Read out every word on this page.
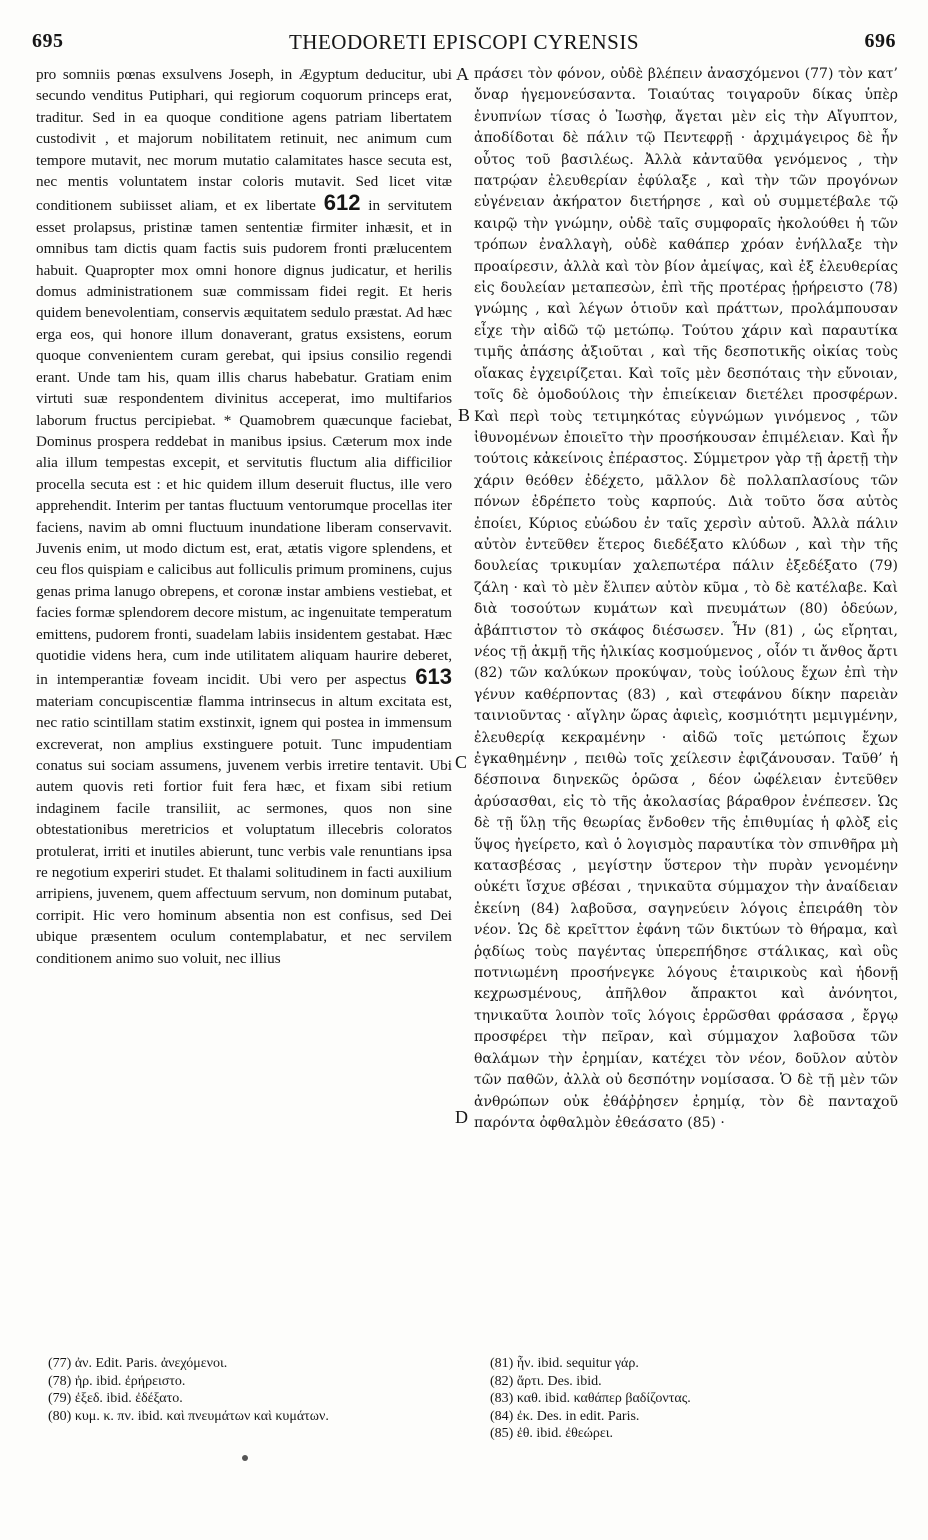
695	THEODORETI EPISCOPI CYRENSIS	696

pro somniis pœnas exsulvens Joseph, in Ægyptum deducitur, ubi secundo venditus Putiphari, qui regiorum coquorum princeps erat, traditur. Sed in ea quoque conditione agens patriam libertatem custodivit , et majorum nobilitatem retinuit, nec animum cum tempore mutavit, nec morum mutatio calamitates hasce secuta est, nec mentis voluntatem instar coloris mutavit. Sed licet vitæ conditionem subiisset aliam, et ex libertate 612 in servitutem esset prolapsus, pristinæ tamen sententiæ firmiter inhæsit, et in omnibus tam dictis quam factis suis pudorem fronti prælucentem habuit. Quapropter mox omni honore dignus judicatur, et herilis domus administrationem suæ commissam fidei regit. Et heris quidem benevolentiam, conservis æquitatem sedulo præstat. Ad hæc erga eos, qui honore illum donaverant, gratus exsistens, eorum quoque convenientem curam gerebat, qui ipsius consilio regendi erant. Unde tam his, quam illis charus habebatur. Gratiam enim virtuti suæ respondentem divinitus acceperat, imo multifarios laborum fructus percipiebat. * Quamobrem quæcunque faciebat, Dominus prospera reddebat in manibus ipsius. Cæterum mox inde alia illum tempestas excepit, et servitutis fluctum alia difficilior procella secuta est : et hic quidem illum deseruit fluctus, ille vero apprehendit. Interim per tantas fluctuum ventorumque procellas iter faciens, navim ab omni fluctuum inundatione liberam conservavit. Juvenis enim, ut modo dictum est, erat, ætatis vigore splendens, et ceu flos quispiam e calicibus aut folliculis primum prominens, cujus genas prima lanugo obrepens, et coronæ instar ambiens vestiebat, et facies formæ splendorem decore mistum, ac ingenuitate temperatum emittens, pudorem fronti, suadelam labiis insidentem gestabat. Hæc quotidie videns hera, cum inde utilitatem aliquam haurire deberet, in intemperantiæ foveam incidit. Ubi vero per aspectus 613 materiam concupiscentiæ flamma intrinsecus in altum excitata est, nec ratio scintillam statim exstinxit, ignem qui postea in immensum excreverat, non amplius exstinguere potuit. Tunc impudentiam conatus sui sociam assumens, juvenem verbis irretire tentavit. Ubi autem quovis reti fortior fuit fera hæc, et fixam sibi retium indaginem facile transiliit, ac sermones, quos non sine obtestationibus meretricios et voluptatum illecebris coloratos protulerat, irriti et inutiles abierunt, tunc verbis vale renuntians ipsa re negotium experiri studet. Et thalami solitudinem in facti auxilium arripiens, juvenem, quem affectuum servum, non dominum putabat, corripit. Hic vero hominum absentia non est confisus, sed Dei ubique præsentem oculum contemplabatur, et nec servilem conditionem animo suo voluit, nec illius

A
B
C
D

πράσει τὸν φόνον, οὐδὲ βλέπειν ἀνασχόμενοι (77) τὸν κατ’ ὄναρ ἡγεμονεύσαντα. Τοιαύτας τοιγαροῦν δίκας ὑπὲρ ἐνυπνίων τίσας ὁ Ἰωσὴφ, ἄγεται μὲν εἰς τὴν Αἴγυπτον, ἀποδίδοται δὲ πάλιν τῷ Πεντεφρῇ · ἀρχιμάγειρος δὲ ἦν οὗτος τοῦ βασιλέως. Ἀλλὰ κἀνταῦθα γενόμενος , τὴν πατρῴαν ἐλευθερίαν ἐφύλαξε , καὶ τὴν τῶν προγόνων εὐγένειαν ἀκήρατον διετήρησε , καὶ οὐ συμμετέβαλε τῷ καιρῷ τὴν γνώμην, οὐδὲ ταῖς συμφοραῖς ἠκολούθει ἡ τῶν τρόπων ἐναλλαγὴ, οὐδὲ καθάπερ χρόαν ἐνήλλαξε τὴν προαίρεσιν, ἀλλὰ καὶ τὸν βίον ἀμείψας, καὶ ἐξ ἐλευθερίας εἰς δουλείαν μεταπεσὼν, ἐπὶ τῆς προτέρας ᾑρήρειστο (78) γνώμης , καὶ λέγων ὁτιοῦν καὶ πράττων, προλάμπουσαν εἶχε τὴν αἰδῶ τῷ μετώπῳ. Τούτου χάριν καὶ παραυτίκα τιμῆς ἁπάσης ἀξιοῦται , καὶ τῆς δεσποτικῆς οἰκίας τοὺς οἴακας ἐγχειρίζεται. Καὶ τοῖς μὲν δεσπόταις τὴν εὔνοιαν, τοῖς δὲ ὁμοδούλοις τὴν ἐπιείκειαν διετέλει προσφέρων. Καὶ περὶ τοὺς τετιμηκότας εὐγνώμων γινόμενος , τῶν ἰθυνομένων ἐποιεῖτο τὴν προσήκουσαν ἐπιμέλειαν. Καὶ ἦν τούτοις κἀκείνοις ἐπέραστος. Σύμμετρον γὰρ τῇ ἀρετῇ τὴν χάριν θεόθεν ἐδέχετο, μᾶλλον δὲ πολλαπλασίους τῶν πόνων ἐδρέπετο τοὺς καρπούς. Διὰ τοῦτο ὅσα αὐτὸς ἐποίει, Κύριος εὐώδου ἐν ταῖς χερσὶν αὐτοῦ. Ἀλλὰ πάλιν αὐτὸν ἐντεῦθεν ἕτερος διεδέξατο κλύδων , καὶ τὴν τῆς δουλείας τρικυμίαν χαλεπωτέρα πάλιν ἐξεδέξατο (79) ζάλη · καὶ τὸ μὲν ἔλιπεν αὐτὸν κῦμα , τὸ δὲ κατέλαβε. Καὶ διὰ τοσούτων κυμάτων καὶ πνευμάτων (80) ὁδεύων, ἀβάπτιστον τὸ σκάφος διέσωσεν. Ἦν (81) , ὡς εἴρηται, νέος τῇ ἀκμῇ τῆς ἡλικίας κοσμούμενος , οἷόν τι ἄνθος ἄρτι (82) τῶν καλύκων προκύψαν, τοὺς ἰούλους ἔχων ἐπὶ τὴν γένυν καθέρποντας (83) , καὶ στεφάνου δίκην παρειὰν ταινιοῦντας · αἴγλην ὥρας ἀφιεὶς, κοσμιότητι μεμιγμένην, ἐλευθερίᾳ κεκραμένην · αἰδῶ τοῖς μετώποις ἔχων ἐγκαθημένην , πειθὼ τοῖς χείλεσιν ἐφιζάνουσαν. Ταῦθ’ ἡ δέσποινα διηνεκῶς ὁρῶσα , δέον ὠφέλειαν ἐντεῦθεν ἀρύσασθαι, εἰς τὸ τῆς ἀκολασίας βάραθρον ἐνέπεσεν. Ὡς δὲ τῇ ὕλῃ τῆς θεωρίας ἔνδοθεν τῆς ἐπιθυμίας ἡ φλὸξ εἰς ὕψος ἠγείρετο, καὶ ὁ λογισμὸς παραυτίκα τὸν σπινθῆρα μὴ κατασβέσας , μεγίστην ὕστερον τὴν πυρὰν γενομένην οὐκέτι ἴσχυε σβέσαι , τηνικαῦτα σύμμαχον τὴν ἀναίδειαν ἐκείνη (84) λαβοῦσα, σαγηνεύειν λόγοις ἐπειράθη τὸν νέον. Ὡς δὲ κρεῖττον ἐφάνη τῶν δικτύων τὸ θήραμα, καὶ ῥᾳδίως τοὺς παγέντας ὑπερεπήδησε στάλικας, καὶ οὓς ποτνιωμένη προσήνεγκε λόγους ἑταιρικοὺς καὶ ἡδονῇ κεχρωσμένους, ἀπῆλθον ἄπρακτοι καὶ ἀνόνητοι, τηνικαῦτα λοιπὸν τοῖς λόγοις ἐρρῶσθαι φράσασα , ἔργῳ προσφέρει τὴν πεῖραν, καὶ σύμμαχον λαβοῦσα τῶν θαλάμων τὴν ἐρημίαν, κατέχει τὸν νέον, δοῦλον αὐτὸν τῶν παθῶν, ἀλλὰ οὐ δεσπότην νομίσασα. Ὁ δὲ τῇ μὲν τῶν ἀνθρώπων οὐκ ἐθάῤῥησεν ἐρημίᾳ, τὸν δὲ πανταχοῦ παρόντα ὀφθαλμὸν ἐθεάσατο (85) ·

(77) ἀν. Edit. Paris. ἀνεχόμενοι.

(78) ἠρ. ibid. ἐρήρειστο.

(79) ἐξεδ. ibid. ἐδέξατο.

(80) κυμ. κ. πν. ibid. καὶ πνευμάτων καὶ κυμάτων.

(81) ἦν. ibid. sequitur γάρ.

(82) ἄρτι. Des. ibid.

(83) καθ. ibid. καθάπερ βαδίζοντας.

(84) ἐκ. Des. in edit. Paris.

(85) ἐθ. ibid. ἐθεώρει.
